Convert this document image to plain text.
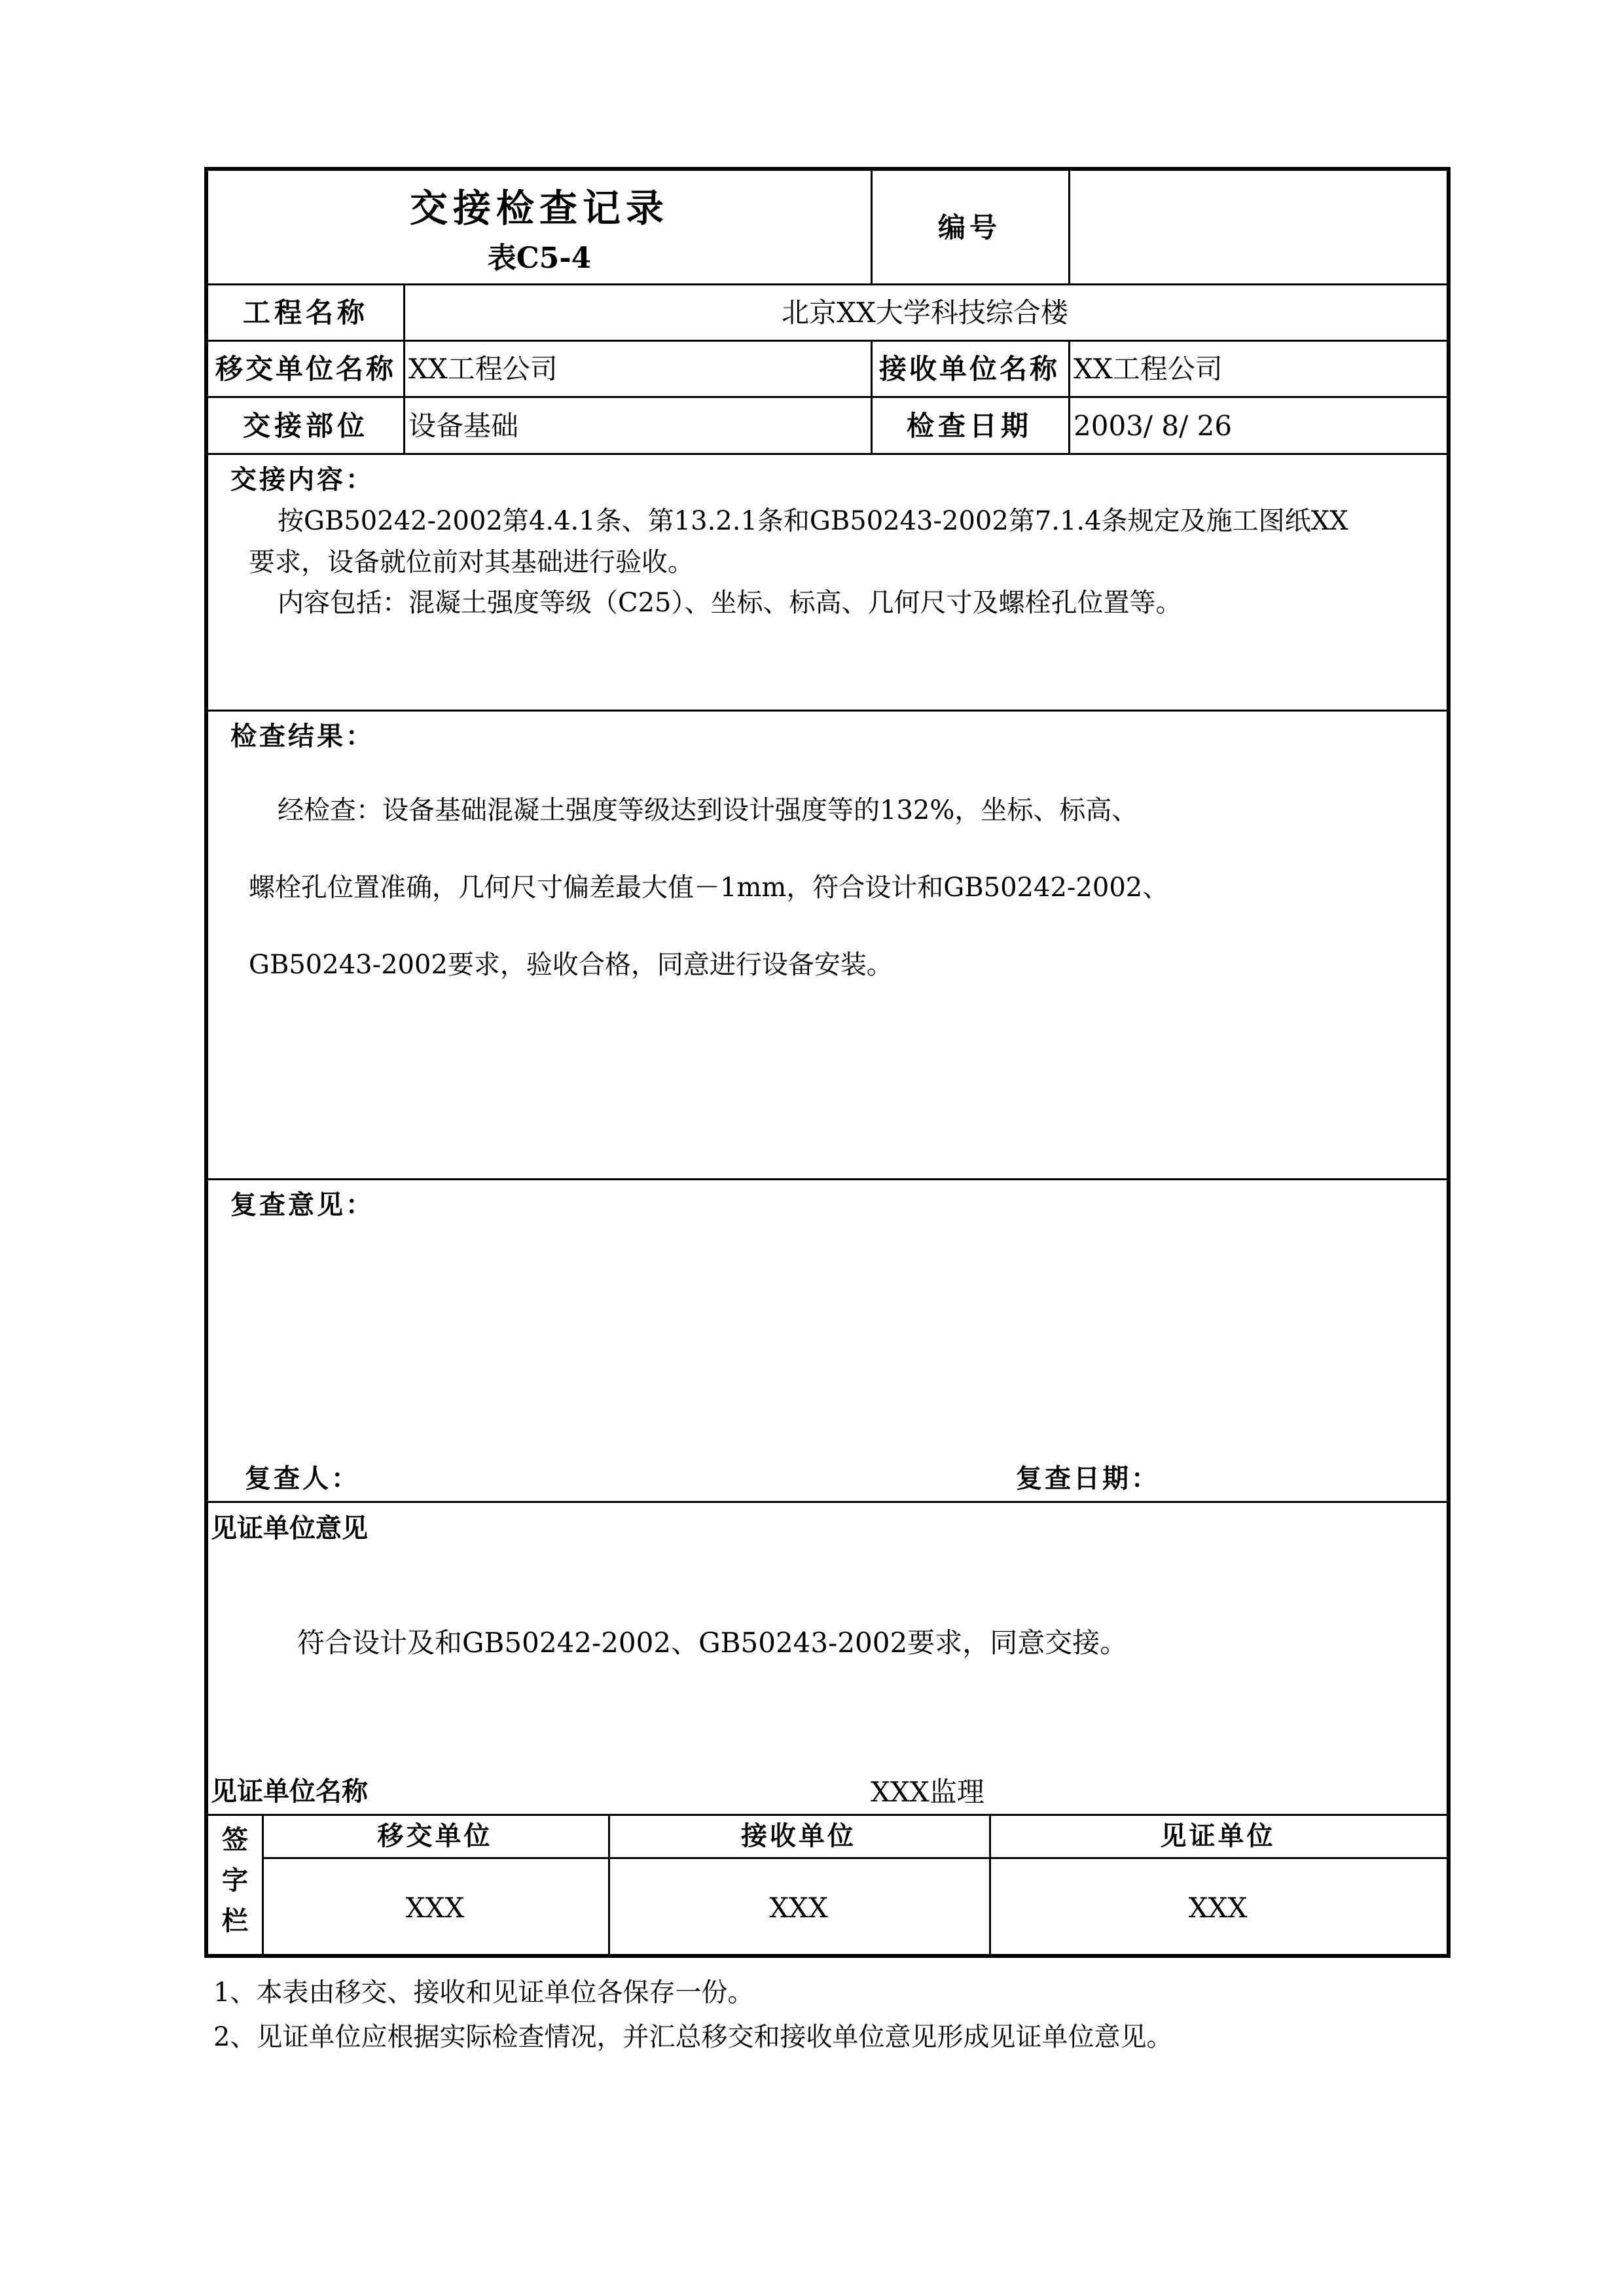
交接检查记录
表C5-4
编号
工程名称	北京XX大学科技综合楼
移交单位名称 XX工程公司	接收单位名称 XX工程公司
交接部位	设备基础	检查日期	2003/ 8/ 26
交接内容：
按GB50242-2002第4.4.1条、第13.2.1条和GB50243-2002第7.1.4条规定及施工图纸XX
要求，设备就位前对其基础进行验收。
内容包括：混凝土强度等级（C25）、坐标、标高、几何尺寸及螺栓孔位置等。
检查结果：
经检查：设备基础混凝土强度等级达到设计强度等的132%，坐标、标高、
螺栓孔位置准确，几何尺寸偏差最大值－1mm，符合设计和GB50242-2002、
GB50243-2002要求，验收合格，同意进行设备安装。
复查意见：
复查人：	复查日期：
见证单位意见
符合设计及和GB50242-2002、GB50243-2002要求，同意交接。
见证单位名称	XXX监理
签
字
栏
移交单位	接收单位	见证单位
XXX	XXX	XXX
1、本表由移交、接收和见证单位各保存一份。
2、见证单位应根据实际检查情况，并汇总移交和接收单位意见形成见证单位意见。
